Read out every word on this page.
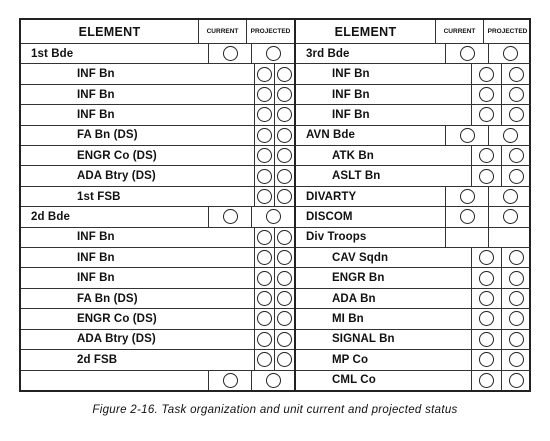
ELEMENT	CURRENT	PROJECTED
1st Bde
INF Bn
INF Bn
INF Bn
FA Bn (DS)
ENGR Co (DS)
ADA Btry (DS)
1st FSB
2d Bde
INF Bn
INF Bn
INF Bn
FA Bn (DS)
ENGR Co (DS)
ADA Btry (DS)
2d FSB
ELEMENT	CURRENT	PROJECTED
3rd Bde
INF Bn
INF Bn
INF Bn
AVN Bde
ATK Bn
ASLT Bn
DIVARTY
DISCOM
Div Troops
CAV Sqdn
ENGR Bn
ADA Bn
MI Bn
SIGNAL Bn
MP Co
CML Co
Figure 2-16. Task organization and unit current and projected status
